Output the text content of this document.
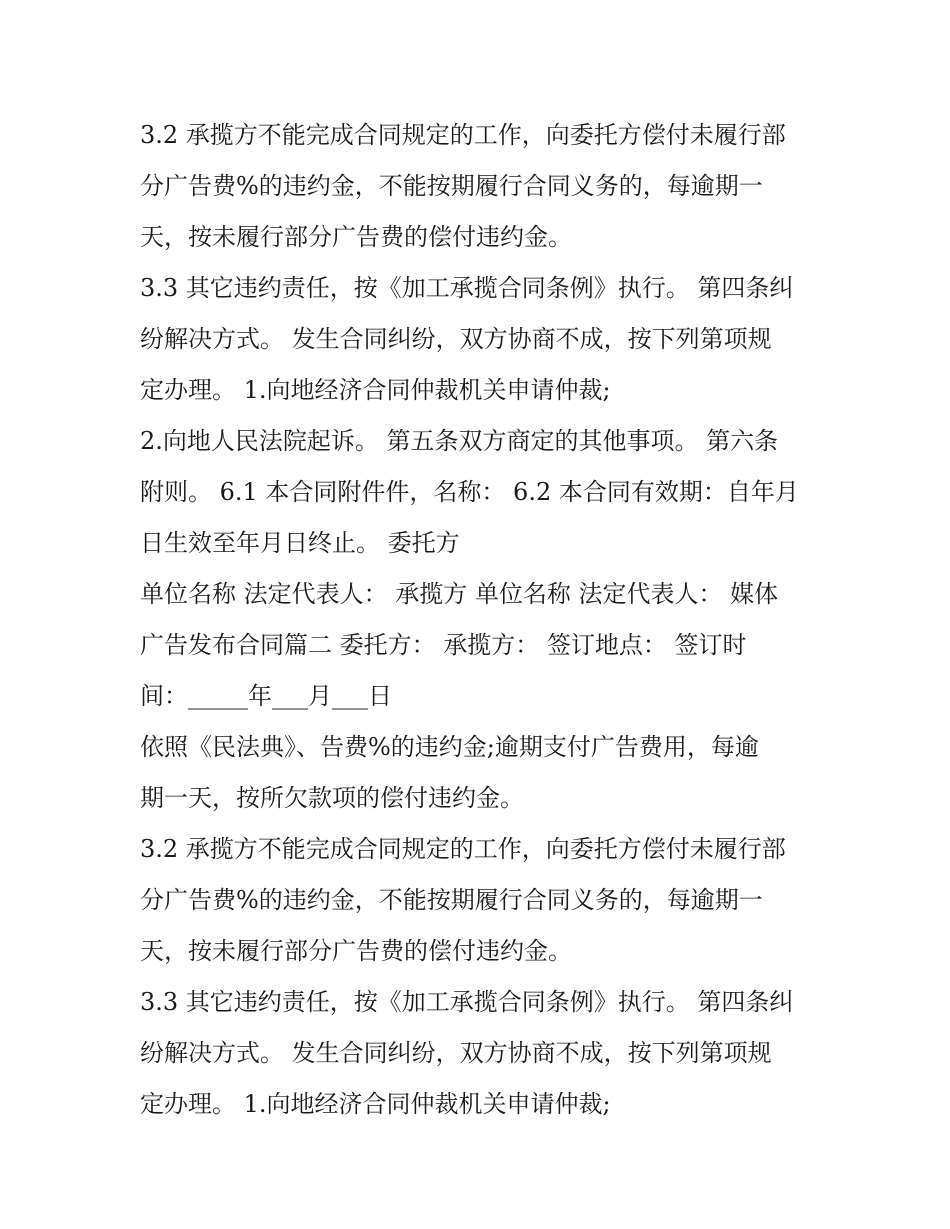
3.2 承揽方不能完成合同规定的工作，向委托方偿付未履行部
分广告费%的违约金，不能按期履行合同义务的，每逾期一
天，按未履行部分广告费的偿付违约金。
3.3 其它违约责任，按《加工承揽合同条例》执行。 第四条纠
纷解决方式。 发生合同纠纷，双方协商不成，按下列第项规
定办理。 1.向地经济合同仲裁机关申请仲裁;
2.向地人民法院起诉。 第五条双方商定的其他事项。 第六条
附则。 6.1 本合同附件件，名称： 6.2 本合同有效期：自年月
日生效至年月日终止。 委托方
单位名称 法定代表人： 承揽方 单位名称 法定代表人： 媒体
广告发布合同篇二 委托方： 承揽方： 签订地点： 签订时
间：_____年___月___日
依照《民法典》、告费%的违约金;逾期支付广告费用，每逾
期一天，按所欠款项的偿付违约金。
3.2 承揽方不能完成合同规定的工作，向委托方偿付未履行部
分广告费%的违约金，不能按期履行合同义务的，每逾期一
天，按未履行部分广告费的偿付违约金。
3.3 其它违约责任，按《加工承揽合同条例》执行。 第四条纠
纷解决方式。 发生合同纠纷，双方协商不成，按下列第项规
定办理。 1.向地经济合同仲裁机关申请仲裁;
